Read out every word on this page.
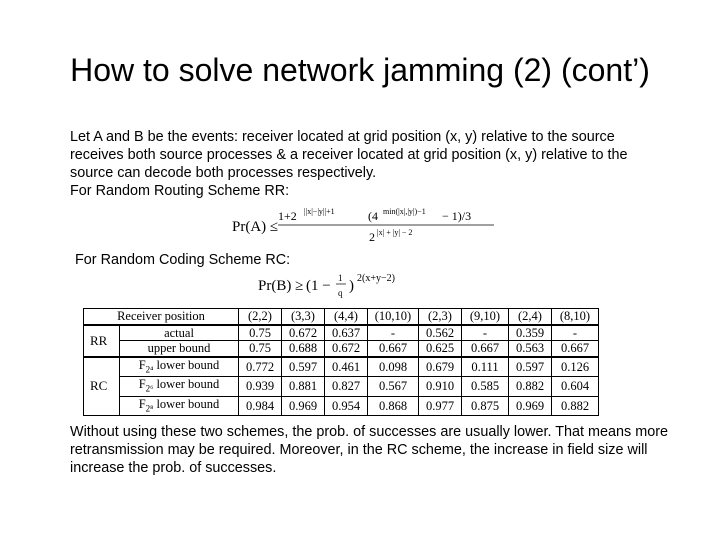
How to solve network jamming (2) (cont’)
Let A and B be the events: receiver located at grid position (x, y) relative to the source receives both source processes & a receiver located at grid position (x, y) relative to the source can decode both processes respectively.
For Random Routing Scheme RR:
Pr(A) ≤
1+2 ||x|−|y||+1	(4 min(|x|,|y|)−1 − 1)/3
2 |x| + |y| − 2
For Random Coding Scheme RC:
Pr(B) ≥ (1 − 1
q ) 2(x+y−2)
Receiver position		(2,2)	(3,3)	(4,4)	(10,10)	(2,3)	(9,10)	(2,4)	(8,10)
RR	actual	0.75	0.672	0.637	-	0.562	-	0.359	-
	upper bound	0.75	0.688	0.672	0.667	0.625	0.667	0.563	0.667
RC	$F_{2^4}$ lower bound	0.772	0.597	0.461	0.098	0.679	0.111	0.597	0.126
	$F_{2^6}$ lower bound	0.939	0.881	0.827	0.567	0.910	0.585	0.882	0.604
	$F_{2^8}$ lower bound	0.984	0.969	0.954	0.868	0.977	0.875	0.969	0.882
Without using these two schemes, the prob. of successes are usually lower. That means more retransmission may be required. Moreover, in the RC scheme, the increase in field size will increase the prob. of successes.
